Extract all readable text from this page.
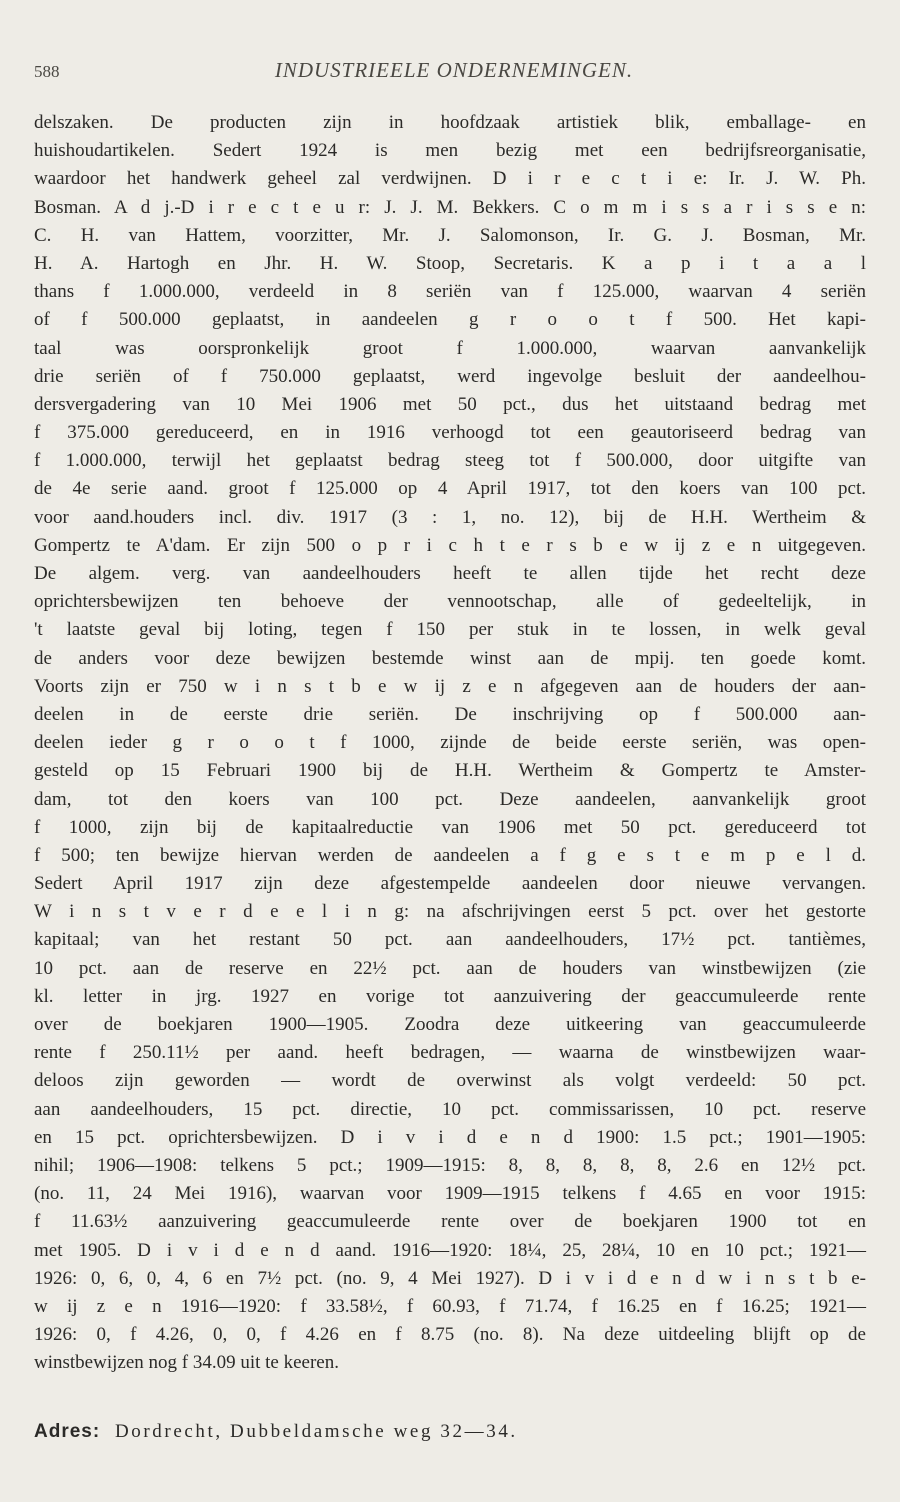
588	INDUSTRIEELE ONDERNEMINGEN.
delszaken. De producten zijn in hoofdzaak artistiek blik, emballage- en
huishoudartikelen. Sedert 1924 is men bezig met een bedrijfsreorganisatie,
waardoor het handwerk geheel zal verdwijnen. D i r e c t i e: Ir. J. W. Ph.
Bosman. A d j.-D i r e c t e u r: J. J. M. Bekkers. C o m m i s s a r i s s e n:
C. H. van Hattem, voorzitter, Mr. J. Salomonson, Ir. G. J. Bosman, Mr.
H. A. Hartogh en Jhr. H. W. Stoop, Secretaris. K a p i t a a l
thans f 1.000.000, verdeeld in 8 seriën van f 125.000, waarvan 4 seriën
of f 500.000 geplaatst, in aandeelen g r o o t f 500. Het kapi-
taal was oorspronkelijk groot f 1.000.000, waarvan aanvankelijk
drie seriën of f 750.000 geplaatst, werd ingevolge besluit der aandeelhou-
dersvergadering van 10 Mei 1906 met 50 pct., dus het uitstaand bedrag met
f 375.000 gereduceerd, en in 1916 verhoogd tot een geautoriseerd bedrag van
f 1.000.000, terwijl het geplaatst bedrag steeg tot f 500.000, door uitgifte van
de 4e serie aand. groot f 125.000 op 4 April 1917, tot den koers van 100 pct.
voor aand.houders incl. div. 1917 (3 : 1, no. 12), bij de H.H. Wertheim &
Gompertz te A'dam. Er zijn 500 o p r i c h t e r s b e w ij z e n uitgegeven.
De algem. verg. van aandeelhouders heeft te allen tijde het recht deze
oprichtersbewijzen ten behoeve der vennootschap, alle of gedeeltelijk, in
't laatste geval bij loting, tegen f 150 per stuk in te lossen, in welk geval
de anders voor deze bewijzen bestemde winst aan de mpij. ten goede komt.
Voorts zijn er 750 w i n s t b e w ij z e n afgegeven aan de houders der aan-
deelen in de eerste drie seriën. De inschrijving op f 500.000 aan-
deelen ieder g r o o t f 1000, zijnde de beide eerste seriën, was open-
gesteld op 15 Februari 1900 bij de H.H. Wertheim & Gompertz te Amster-
dam, tot den koers van 100 pct. Deze aandeelen, aanvankelijk groot
f 1000, zijn bij de kapitaalreductie van 1906 met 50 pct. gereduceerd tot
f 500; ten bewijze hiervan werden de aandeelen a f g e s t e m p e l d.
Sedert April 1917 zijn deze afgestempelde aandeelen door nieuwe vervangen.
W i n s t v e r d e e l i n g: na afschrijvingen eerst 5 pct. over het gestorte
kapitaal; van het restant 50 pct. aan aandeelhouders, 17½ pct. tantièmes,
10 pct. aan de reserve en 22½ pct. aan de houders van winstbewijzen (zie
kl. letter in jrg. 1927 en vorige tot aanzuivering der geaccumuleerde rente
over de boekjaren 1900—1905. Zoodra deze uitkeering van geaccumuleerde
rente f 250.11½ per aand. heeft bedragen, — waarna de winstbewijzen waar-
deloos zijn geworden — wordt de overwinst als volgt verdeeld: 50 pct.
aan aandeelhouders, 15 pct. directie, 10 pct. commissarissen, 10 pct. reserve
en 15 pct. oprichtersbewijzen. D i v i d e n d 1900: 1.5 pct.; 1901—1905:
nihil; 1906—1908: telkens 5 pct.; 1909—1915: 8, 8, 8, 8, 8, 2.6 en 12½ pct.
(no. 11, 24 Mei 1916), waarvan voor 1909—1915 telkens f 4.65 en voor 1915:
f 11.63½ aanzuivering geaccumuleerde rente over de boekjaren 1900 tot en
met 1905. D i v i d e n d aand. 1916—1920: 18¼, 25, 28¼, 10 en 10 pct.; 1921—
1926: 0, 6, 0, 4, 6 en 7½ pct. (no. 9, 4 Mei 1927). D i v i d e n d w i n s t b e-
w ij z e n 1916—1920: f 33.58½, f 60.93, f 71.74, f 16.25 en f 16.25; 1921—
1926: 0, f 4.26, 0, 0, f 4.26 en f 8.75 (no. 8). Na deze uitdeeling blijft op de
winstbewijzen nog f 34.09 uit te keeren.
Adres: Dordrecht, Dubbeldamsche weg 32—34.
